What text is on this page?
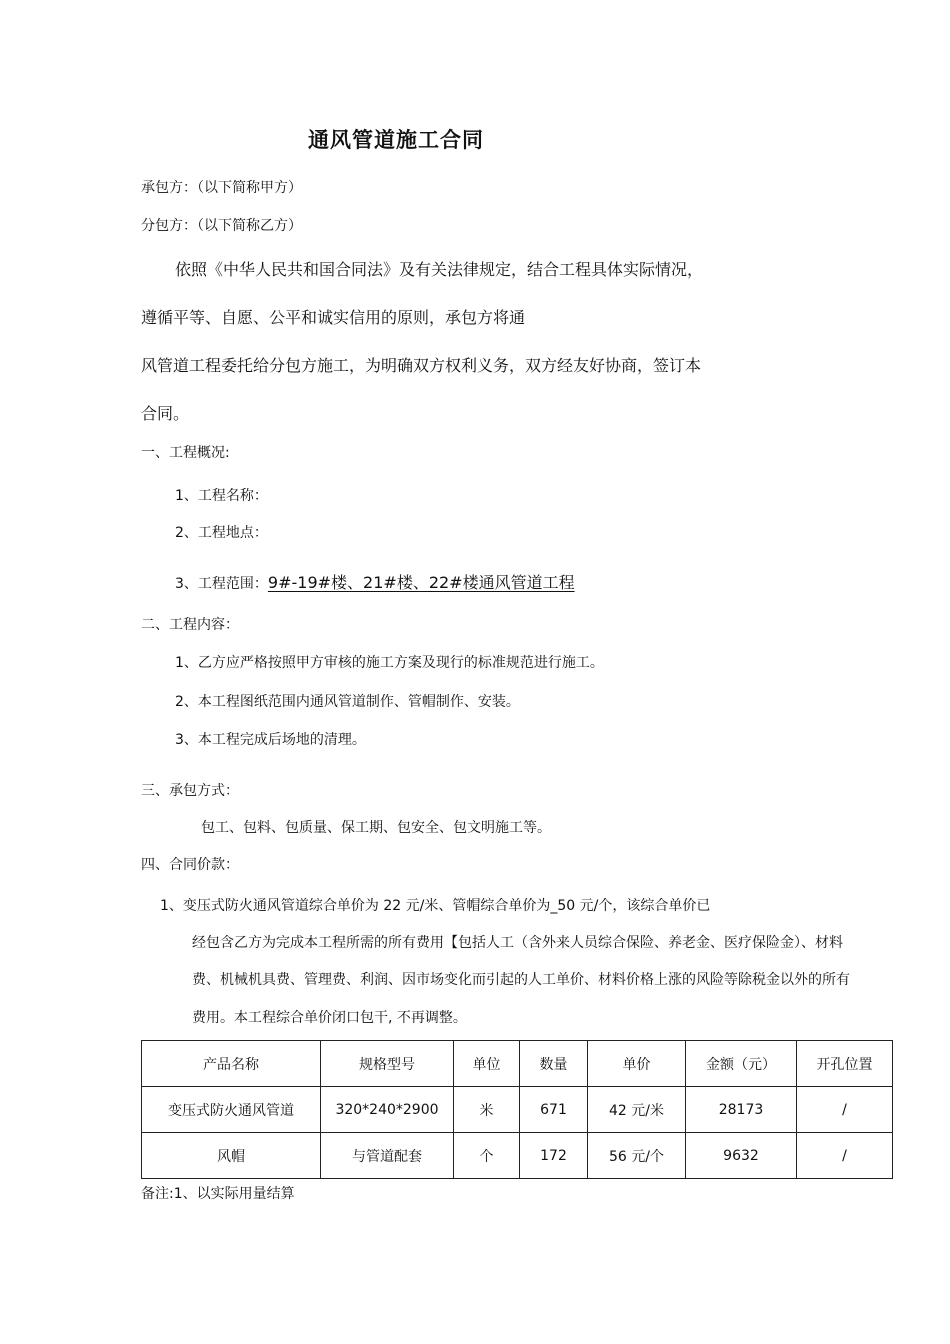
通风管道施工合同
承包方：（以下简称甲方）
分包方：（以下简称乙方）
依照《中华人民共和国合同法》及有关法律规定，结合工程具体实际情况，
遵循平等、自愿、公平和诚实信用的原则，承包方将通
风管道工程委托给分包方施工，为明确双方权利义务，双方经友好协商，签订本
合同。
一、工程概况:
1、工程名称：
2、工程地点：
3、工程范围：9#-19#楼、21#楼、22#楼通风管道工程
二、工程内容：
1、乙方应严格按照甲方审核的施工方案及现行的标准规范进行施工。
2、本工程图纸范围内通风管道制作、管帽制作、安装。
3、本工程完成后场地的清理。
三、承包方式：
包工、包料、包质量、保工期、包安全、包文明施工等。
四、合同价款：
1、变压式防火通风管道综合单价为 22 元/米、管帽综合单价为_50 元/个，该综合单价已
经包含乙方为完成本工程所需的所有费用【包括人工（含外来人员综合保险、养老金、医疗保险金）、材料
费、机械机具费、管理费、利润、因市场变化而引起的人工单价、材料价格上涨的风险等除税金以外的所有
费用。本工程综合单价闭口包干, 不再调整。
产品名称	规格型号	单位	数量	单价	金额（元）	开孔位置
变压式防火通风管道	320*240*2900	米	671	42 元/米	28173	/
风帽	与管道配套	个	172	56 元/个	9632	/
备注:1、以实际用量结算
